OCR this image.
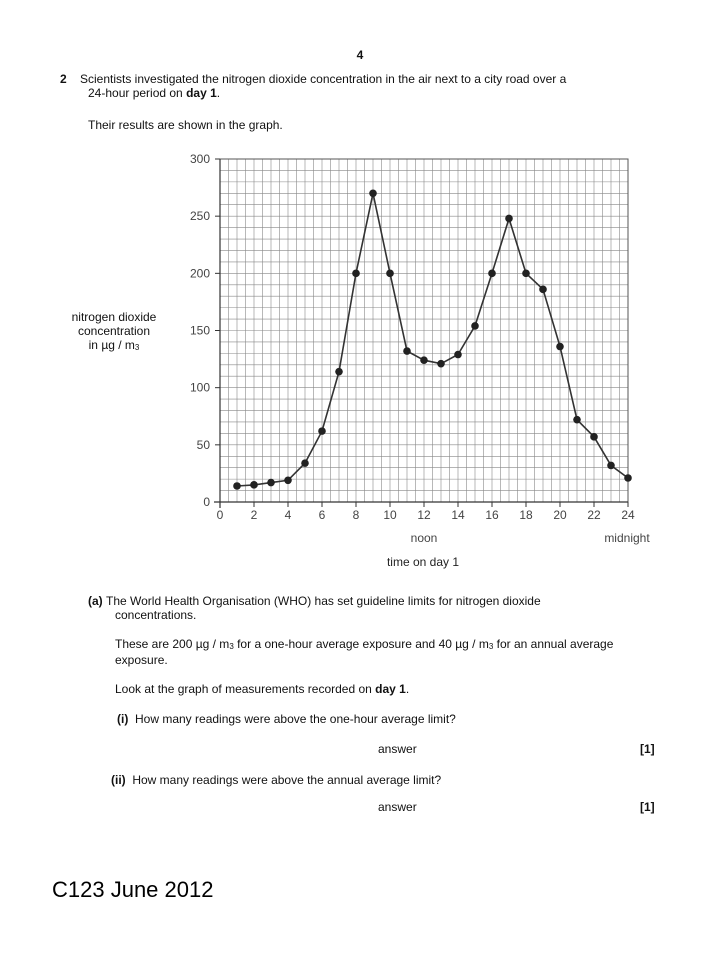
4
2 Scientists investigated the nitrogen dioxide concentration in the air next to a city road over a
24-hour period on day 1.
Their results are shown in the graph.
nitrogen dioxide
concentration
in µg / $m_3$
0
50
100
150
200
250
300
0 2 4 6 8 10 12 14 16 18 20 22 24
noon	midnight
time on day 1
(a) The World Health Organisation (WHO) has set guideline limits for nitrogen dioxide
concentrations.
These are 200 µg / $m_3$ for a one-hour average exposure and 40 µg / $m_3$ for an annual average
exposure.
Look at the graph of measurements recorded on day 1.
(i) How many readings were above the one-hour average limit?
answer	[1]
(ii) How many readings were above the annual average limit?
answer	[1]
C123 June 2012
